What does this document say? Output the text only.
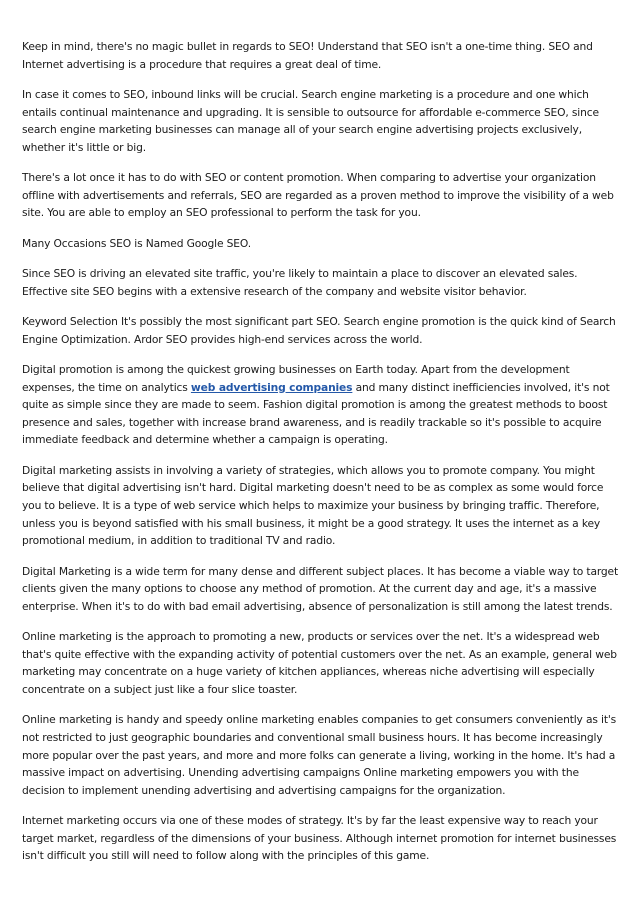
Keep in mind, there's no magic bullet in regards to SEO! Understand that SEO isn't a one-time thing. SEO and Internet advertising is a procedure that requires a great deal of time.

In case it comes to SEO, inbound links will be crucial. Search engine marketing is a procedure and one which entails continual maintenance and upgrading. It is sensible to outsource for affordable e-commerce SEO, since search engine marketing businesses can manage all of your search engine advertising projects exclusively, whether it's little or big.

There's a lot once it has to do with SEO or content promotion. When comparing to advertise your organization offline with advertisements and referrals, SEO are regarded as a proven method to improve the visibility of a web site. You are able to employ an SEO professional to perform the task for you.

Many Occasions SEO is Named Google SEO.

Since SEO is driving an elevated site traffic, you're likely to maintain a place to discover an elevated sales. Effective site SEO begins with a extensive research of the company and website visitor behavior.

Keyword Selection It's possibly the most significant part SEO. Search engine promotion is the quick kind of Search Engine Optimization. Ardor SEO provides high-end services across the world.

Digital promotion is among the quickest growing businesses on Earth today. Apart from the development expenses, the time on analytics web advertising companies and many distinct inefficiencies involved, it's not quite as simple since they are made to seem. Fashion digital promotion is among the greatest methods to boost presence and sales, together with increase brand awareness, and is readily trackable so it's possible to acquire immediate feedback and determine whether a campaign is operating.

Digital marketing assists in involving a variety of strategies, which allows you to promote company. You might believe that digital advertising isn't hard. Digital marketing doesn't need to be as complex as some would force you to believe. It is a type of web service which helps to maximize your business by bringing traffic. Therefore, unless you is beyond satisfied with his small business, it might be a good strategy. It uses the internet as a key promotional medium, in addition to traditional TV and radio.

Digital Marketing is a wide term for many dense and different subject places. It has become a viable way to target clients given the many options to choose any method of promotion. At the current day and age, it's a massive enterprise. When it's to do with bad email advertising, absence of personalization is still among the latest trends.

Online marketing is the approach to promoting a new, products or services over the net. It's a widespread web that's quite effective with the expanding activity of potential customers over the net. As an example, general web marketing may concentrate on a huge variety of kitchen appliances, whereas niche advertising will especially concentrate on a subject just like a four slice toaster.

Online marketing is handy and speedy online marketing enables companies to get consumers conveniently as it's not restricted to just geographic boundaries and conventional small business hours. It has become increasingly more popular over the past years, and more and more folks can generate a living, working in the home. It's had a massive impact on advertising. Unending advertising campaigns Online marketing empowers you with the decision to implement unending advertising and advertising campaigns for the organization.

Internet marketing occurs via one of these modes of strategy. It's by far the least expensive way to reach your target market, regardless of the dimensions of your business. Although internet promotion for internet businesses isn't difficult you still will need to follow along with the principles of this game.
